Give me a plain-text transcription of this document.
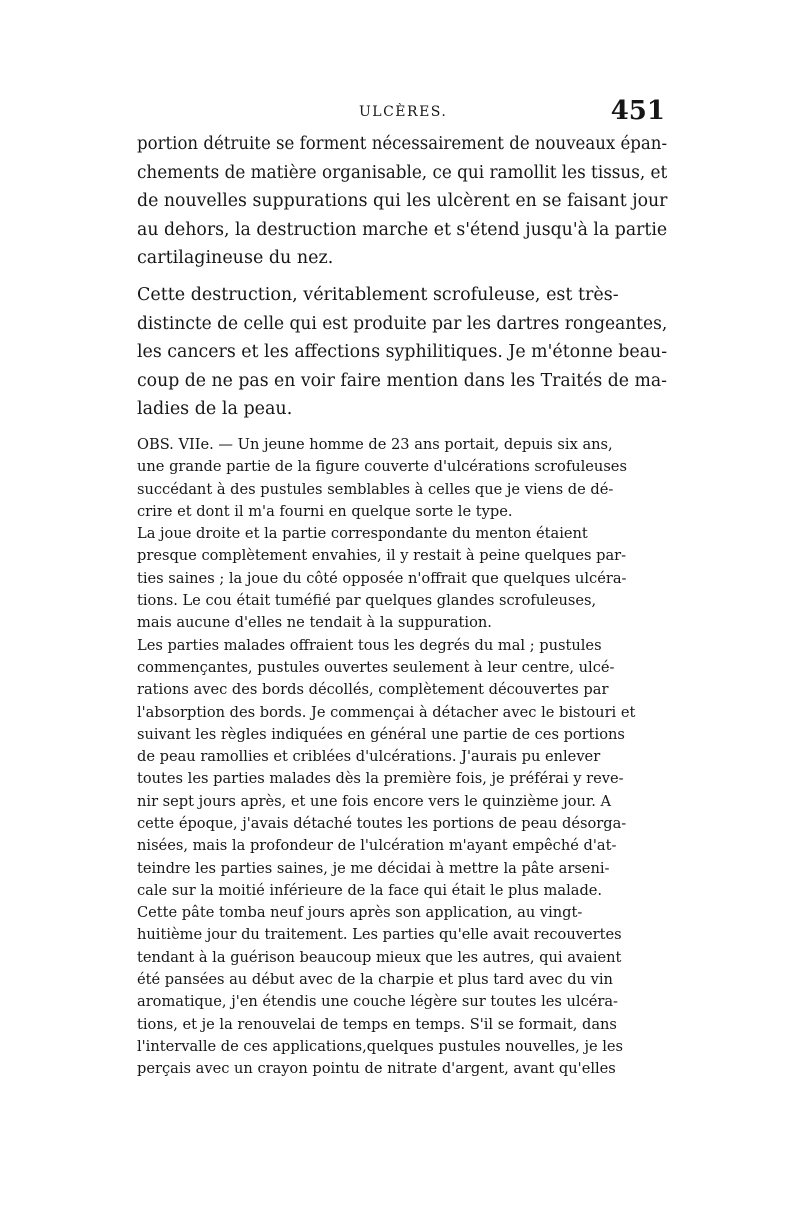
ULCÈRES.	451
portion détruite se forment nécessairement de nouveaux épan-
chements de matière organisable, ce qui ramollit les tissus, et
de nouvelles suppurations qui les ulcèrent en se faisant jour
au dehors, la destruction marche et s'étend jusqu'à la partie
cartilagineuse du nez.
Cette destruction, véritablement scrofuleuse, est très-
distincte de celle qui est produite par les dartres rongeantes,
les cancers et les affections syphilitiques. Je m'étonne beau-
coup de ne pas en voir faire mention dans les Traités de ma-
ladies de la peau.
OBS. VIIe. — Un jeune homme de 23 ans portait, depuis six ans,
une grande partie de la figure couverte d'ulcérations scrofuleuses
succédant à des pustules semblables à celles que je viens de dé-
crire et dont il m'a fourni en quelque sorte le type.
La joue droite et la partie correspondante du menton étaient
presque complètement envahies, il y restait à peine quelques par-
ties saines ; la joue du côté opposée n'offrait que quelques ulcéra-
tions. Le cou était tuméfié par quelques glandes scrofuleuses,
mais aucune d'elles ne tendait à la suppuration.
Les parties malades offraient tous les degrés du mal ; pustules
commençantes, pustules ouvertes seulement à leur centre, ulcé-
rations avec des bords décollés, complètement découvertes par
l'absorption des bords. Je commençai à détacher avec le bistouri et
suivant les règles indiquées en général une partie de ces portions
de peau ramollies et criblées d'ulcérations. J'aurais pu enlever
toutes les parties malades dès la première fois, je préférai y reve-
nir sept jours après, et une fois encore vers le quinzième jour. A
cette époque, j'avais détaché toutes les portions de peau désorga-
nisées, mais la profondeur de l'ulcération m'ayant empêché d'at-
teindre les parties saines, je me décidai à mettre la pâte arseni-
cale sur la moitié inférieure de la face qui était le plus malade.
Cette pâte tomba neuf jours après son application, au vingt-
huitième jour du traitement. Les parties qu'elle avait recouvertes
tendant à la guérison beaucoup mieux que les autres, qui avaient
été pansées au début avec de la charpie et plus tard avec du vin
aromatique, j'en étendis une couche légère sur toutes les ulcéra-
tions, et je la renouvelai de temps en temps. S'il se formait, dans
l'intervalle de ces applications,quelques pustules nouvelles, je les
perçais avec un crayon pointu de nitrate d'argent, avant qu'elles
